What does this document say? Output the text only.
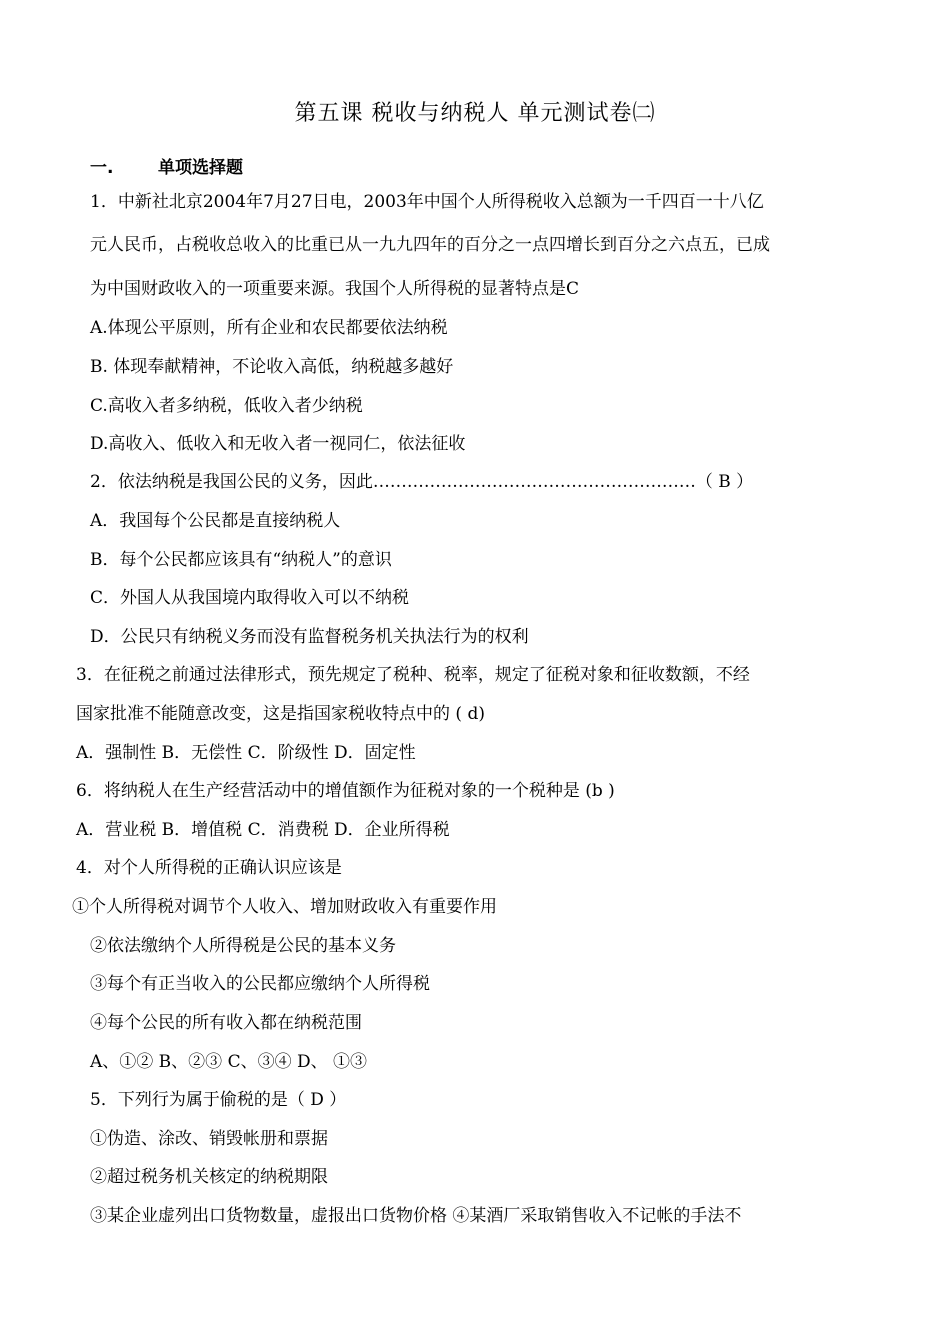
第五课 税收与纳税人 单元测试卷㈡
一.	单项选择题
1．中新社北京2004年7月27日电，2003年中国个人所得税收入总额为一千四百一十八亿
元人民币，占税收总收入的比重已从一九九四年的百分之一点四增长到百分之六点五，已成
为中国财政收入的一项重要来源。我国个人所得税的显著特点是C
A.体现公平原则，所有企业和农民都要依法纳税
B. 体现奉献精神，不论收入高低，纳税越多越好
C.高收入者多纳税，低收入者少纳税
D.高收入、低收入和无收入者一视同仁，依法征收
2．依法纳税是我国公民的义务，因此…………………………………………………（ B ）
A．我国每个公民都是直接纳税人
B．每个公民都应该具有“纳税人”的意识
C．外国人从我国境内取得收入可以不纳税
D．公民只有纳税义务而没有监督税务机关执法行为的权利
3．在征税之前通过法律形式，预先规定了税种、税率，规定了征税对象和征收数额，不经
国家批准不能随意改变，这是指国家税收特点中的 ( d)
A．强制性 B．无偿性 C．阶级性 D．固定性
6．将纳税人在生产经营活动中的增值额作为征税对象的一个税种是 (b )
A．营业税 B．增值税 C．消费税 D．企业所得税
4．对个人所得税的正确认识应该是
①个人所得税对调节个人收入、增加财政收入有重要作用
②依法缴纳个人所得税是公民的基本义务
③每个有正当收入的公民都应缴纳个人所得税
④每个公民的所有收入都在纳税范围
A、①② B、②③ C、③④ D、 ①③
5．下列行为属于偷税的是（ D ）
①伪造、涂改、销毁帐册和票据
②超过税务机关核定的纳税期限
③某企业虚列出口货物数量，虚报出口货物价格 ④某酒厂采取销售收入不记帐的手法不
